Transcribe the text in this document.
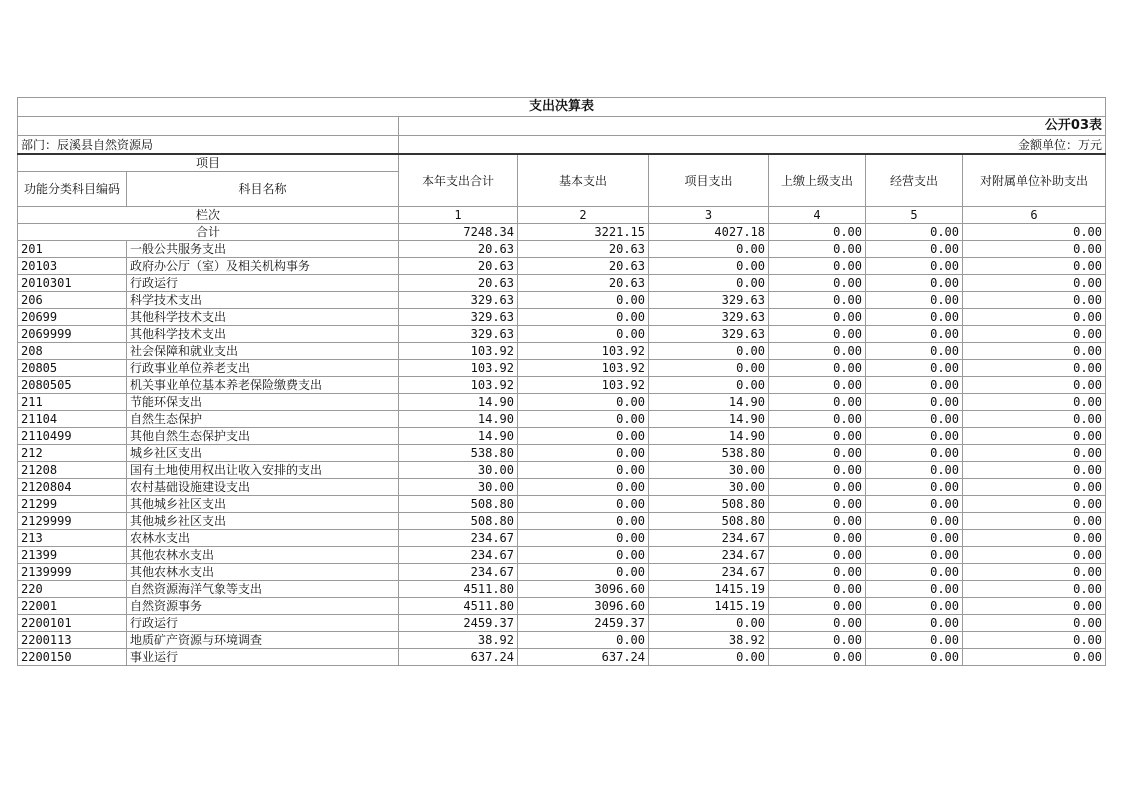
支出决算表							
		公开03表					
部门：辰溪县自然资源局		金额单位：万元					
项目		本年支出合计	基本支出	项目支出	上缴上级支出	经营支出	对附属单位补助支出
功能分类科目编码	科目名称						
栏次		1	2	3	4	5	6
合计		7248.34	3221.15	4027.18	0.00	0.00	0.00
201	一般公共服务支出	20.63	20.63	0.00	0.00	0.00	0.00
20103	政府办公厅（室）及相关机构事务	20.63	20.63	0.00	0.00	0.00	0.00
2010301	行政运行	20.63	20.63	0.00	0.00	0.00	0.00
206	科学技术支出	329.63	0.00	329.63	0.00	0.00	0.00
20699	其他科学技术支出	329.63	0.00	329.63	0.00	0.00	0.00
2069999	其他科学技术支出	329.63	0.00	329.63	0.00	0.00	0.00
208	社会保障和就业支出	103.92	103.92	0.00	0.00	0.00	0.00
20805	行政事业单位养老支出	103.92	103.92	0.00	0.00	0.00	0.00
2080505	机关事业单位基本养老保险缴费支出	103.92	103.92	0.00	0.00	0.00	0.00
211	节能环保支出	14.90	0.00	14.90	0.00	0.00	0.00
21104	自然生态保护	14.90	0.00	14.90	0.00	0.00	0.00
2110499	其他自然生态保护支出	14.90	0.00	14.90	0.00	0.00	0.00
212	城乡社区支出	538.80	0.00	538.80	0.00	0.00	0.00
21208	国有土地使用权出让收入安排的支出	30.00	0.00	30.00	0.00	0.00	0.00
2120804	农村基础设施建设支出	30.00	0.00	30.00	0.00	0.00	0.00
21299	其他城乡社区支出	508.80	0.00	508.80	0.00	0.00	0.00
2129999	其他城乡社区支出	508.80	0.00	508.80	0.00	0.00	0.00
213	农林水支出	234.67	0.00	234.67	0.00	0.00	0.00
21399	其他农林水支出	234.67	0.00	234.67	0.00	0.00	0.00
2139999	其他农林水支出	234.67	0.00	234.67	0.00	0.00	0.00
220	自然资源海洋气象等支出	4511.80	3096.60	1415.19	0.00	0.00	0.00
22001	自然资源事务	4511.80	3096.60	1415.19	0.00	0.00	0.00
2200101	行政运行	2459.37	2459.37	0.00	0.00	0.00	0.00
2200113	地质矿产资源与环境调查	38.92	0.00	38.92	0.00	0.00	0.00
2200150	事业运行	637.24	637.24	0.00	0.00	0.00	0.00
